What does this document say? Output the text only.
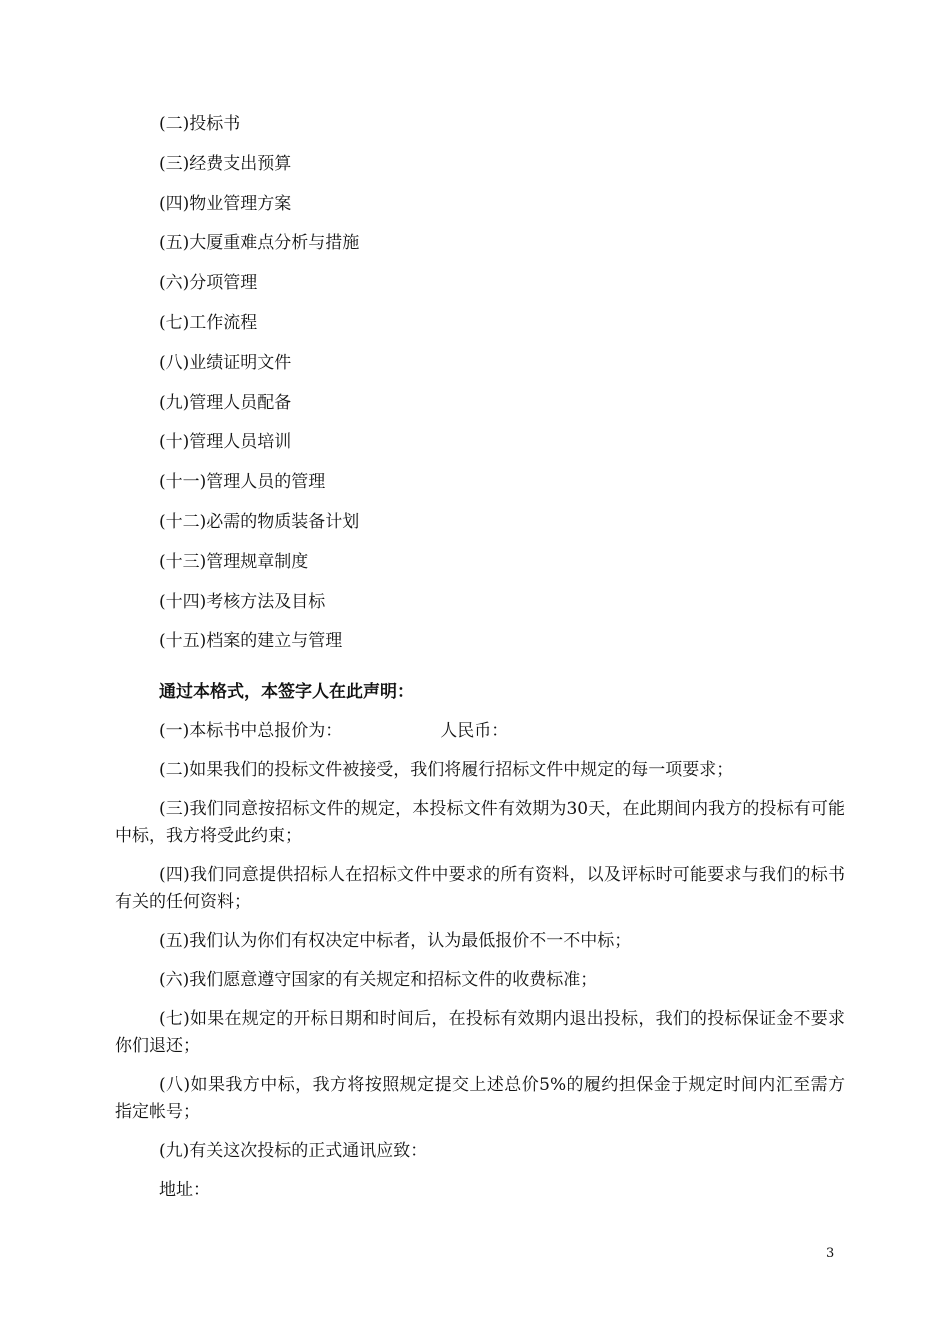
(二)投标书
(三)经费支出预算
(四)物业管理方案
(五)大厦重难点分析与措施
(六)分项管理
(七)工作流程
(八)业绩证明文件
(九)管理人员配备
(十)管理人员培训
(十一)管理人员的管理
(十二)必需的物质装备计划
(十三)管理规章制度
(十四)考核方法及目标
(十五)档案的建立与管理
通过本格式，本签字人在此声明：

(一)本标书中总报价为：	人民币：

(二)如果我们的投标文件被接受，我们将履行招标文件中规定的每一项要求；

(三)我们同意按招标文件的规定，本投标文件有效期为30天，在此期间内我方的投标有可能中标，我方将受此约束；

(四)我们同意提供招标人在招标文件中要求的所有资料，以及评标时可能要求与我们的标书有关的任何资料；

(五)我们认为你们有权决定中标者，认为最低报价不一不中标；

(六)我们愿意遵守国家的有关规定和招标文件的收费标准；

(七)如果在规定的开标日期和时间后，在投标有效期内退出投标，我们的投标保证金不要求你们退还；

(八)如果我方中标，我方将按照规定提交上述总价5%的履约担保金于规定时间内汇至需方指定帐号；

(九)有关这次投标的正式通讯应致：

地址：

3
